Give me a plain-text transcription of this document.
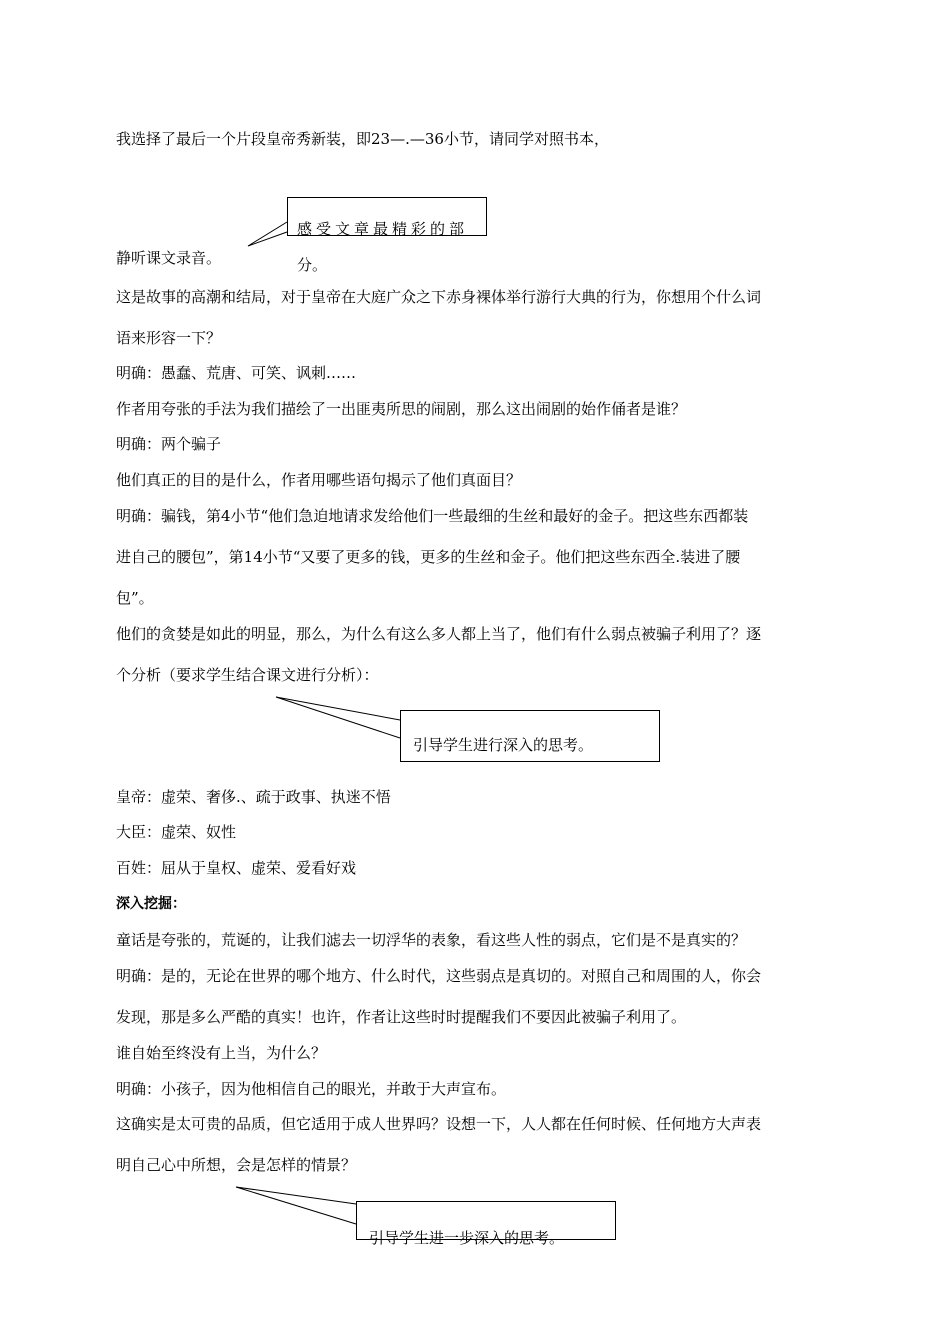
我选择了最后一个片段皇帝秀新装，即23—.—36小节，请同学对照书本，
静听课文录音。
这是故事的高潮和结局，对于皇帝在大庭广众之下赤身裸体举行游行大典的行为，你想用个什么词
语来形容一下？
明确：愚蠢、荒唐、可笑、讽刺……
作者用夸张的手法为我们描绘了一出匪夷所思的闹剧，那么这出闹剧的始作俑者是谁？
明确：两个骗子
他们真正的目的是什么，作者用哪些语句揭示了他们真面目？
明确：骗钱，第4小节“他们急迫地请求发给他们一些最细的生丝和最好的金子。把这些东西都装
进自己的腰包”，第14小节“又要了更多的钱，更多的生丝和金子。他们把这些东西全.装进了腰
包”。
他们的贪婪是如此的明显，那么，为什么有这么多人都上当了，他们有什么弱点被骗子利用了？逐
个分析（要求学生结合课文进行分析）：
皇帝：虚荣、奢侈.、疏于政事、执迷不悟
大臣：虚荣、奴性
百姓：屈从于皇权、虚荣、爱看好戏
深入挖掘：
童话是夸张的，荒诞的，让我们滤去一切浮华的表象，看这些人性的弱点，它们是不是真实的？
明确：是的，无论在世界的哪个地方、什么时代，这些弱点是真切的。对照自己和周围的人，你会
发现，那是多么严酷的真实！也许，作者让这些时时提醒我们不要因此被骗子利用了。
谁自始至终没有上当，为什么？
明确：小孩子，因为他相信自己的眼光，并敢于大声宣布。
这确实是太可贵的品质，但它适用于成人世界吗？设想一下，人人都在任何时候、任何地方大声表
明自己心中所想，会是怎样的情景？
感受文章最精彩的部
分。
引导学生进行深入的思考。
引导学生进一步深入的思考。
